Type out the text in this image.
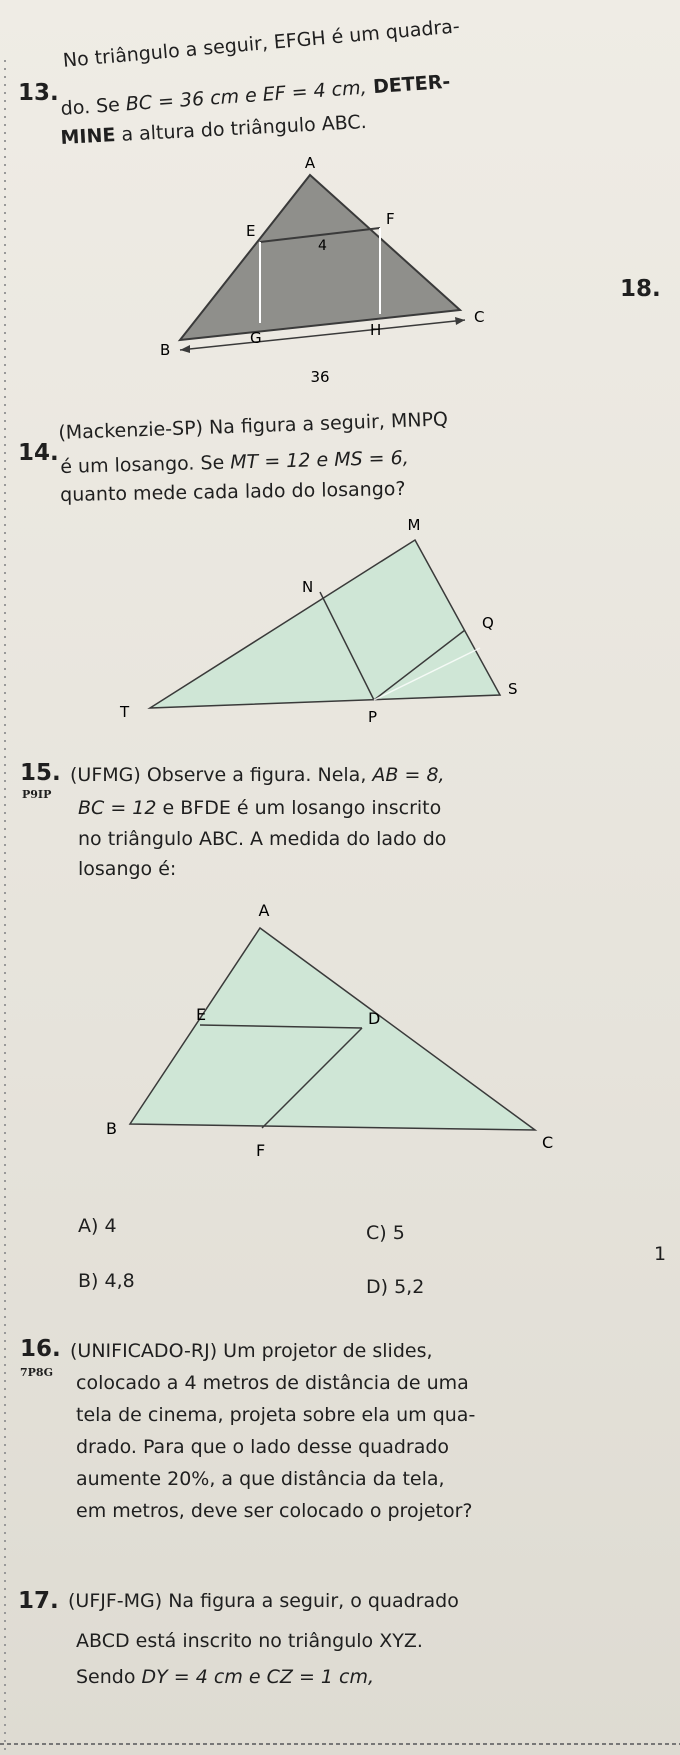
13.
No triângulo a seguir, EFGH é um quadra-
do. Se BC = 36 cm e EF = 4 cm, DETER-
MINE a altura do triângulo ABC.
A
E
F
4
B
G	H
C
36
18.
14.
(Mackenzie-SP) Na figura a seguir, MNPQ
é um losango. Se MT = 12 e MS = 6,
quanto mede cada lado do losango?
M
N
Q
S
T	P
15.
P9IP
(UFMG) Observe a figura. Nela, AB = 8,
BC = 12 e BFDE é um losango inscrito
no triângulo ABC. A medida do lado do
losango é:
A
E	D
B
F	C
A) 4	C) 5
B) 4,8	D) 5,2
1
16.
7P8G
(UNIFICADO-RJ) Um projetor de slides,
colocado a 4 metros de distância de uma
tela de cinema, projeta sobre ela um qua-
drado. Para que o lado desse quadrado
aumente 20%, a que distância da tela,
em metros, deve ser colocado o projetor?
17. (UFJF-MG) Na figura a seguir, o quadrado
ABCD está inscrito no triângulo XYZ.
Sendo DY = 4 cm e CZ = 1 cm,
